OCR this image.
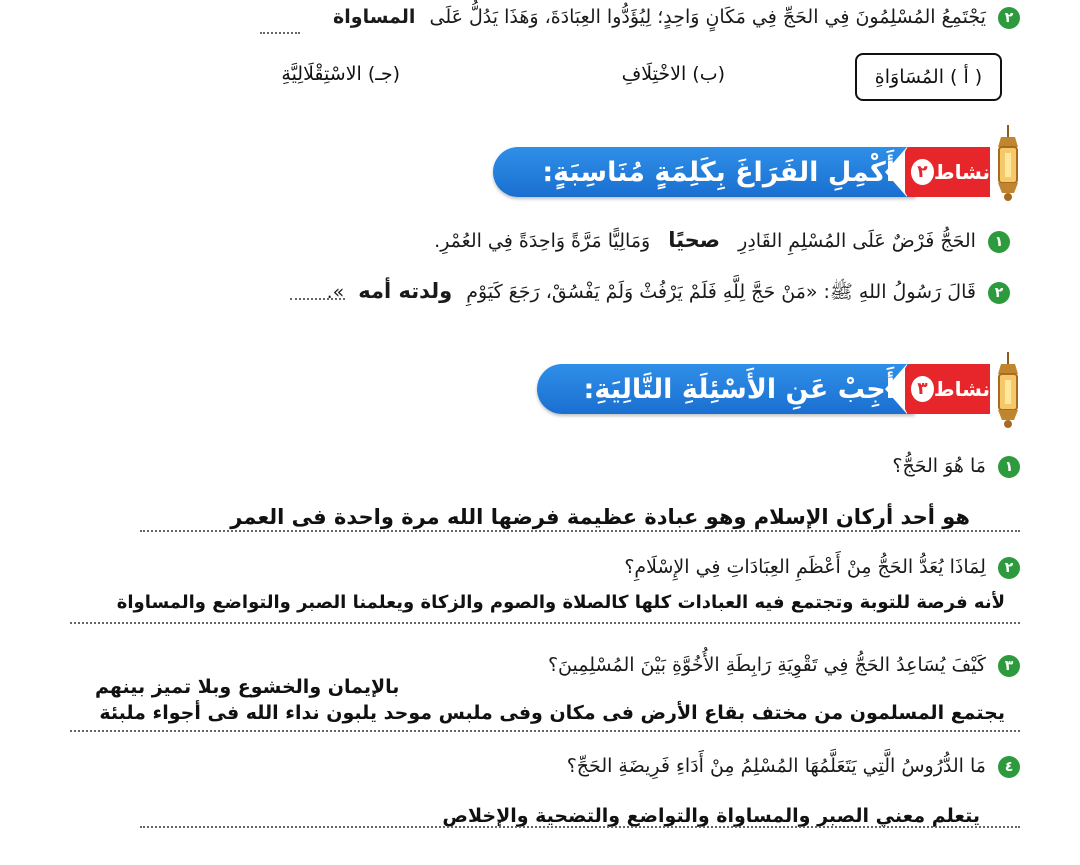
٢ يَجْتَمِعُ المُسْلِمُونَ فِي الحَجِّ فِي مَكَانٍ وَاحِدٍ؛ لِيُؤَدُّوا العِبَادَةَ، وَهَذَا يَدُلُّ عَلَى المساواة
( أ ) المُسَاوَاةِ
(ب) الاخْتِلَافِ
(جـ) الاسْتِقْلَالِيَّةِ
أَكْمِلِ الفَرَاغَ بِكَلِمَةٍ مُنَاسِبَةٍ:	نشاط
٢
١ الحَجُّ فَرْضٌ عَلَى المُسْلِمِ القَادِرِ صحيًا وَمَالِيًّا مَرَّةً وَاحِدَةً فِي العُمْرِ.
٢ قَالَ رَسُولُ اللهِ ﷺ: «مَنْ حَجَّ لِلَّهِ فَلَمْ يَرْفُثْ وَلَمْ يَفْسُقْ، رَجَعَ كَيَوْمِ ولدته أمه ».
أَجِبْ عَنِ الأَسْئِلَةِ التَّالِيَةِ:	نشاط
٣
١ مَا هُوَ الحَجُّ؟
هو أحد أركان الإسلام وهو عبادة عظيمة فرضها الله مرة واحدة فى العمر
٢ لِمَاذَا يُعَدُّ الحَجُّ مِنْ أَعْظَمِ العِبَادَاتِ فِي الإِسْلَامِ؟
لأنه فرصة للتوبة وتجتمع فيه العبادات كلها كالصلاة والصوم والزكاة ويعلمنا الصبر والتواضع والمساواة
٣ كَيْفَ يُسَاعِدُ الحَجُّ فِي تَقْوِيَةِ رَابِطَةِ الأُخُوَّةِ بَيْنَ المُسْلِمِينَ؟
بالإيمان والخشوع وبلا تميز بينهم
يجتمع المسلمون من مختف بقاع الأرض فى مكان وفى ملبس موحد يلبون نداء الله فى أجواء ملبئة
٤ مَا الدُّرُوسُ الَّتِي يَتَعَلَّمُهَا المُسْلِمُ مِنْ أَدَاءِ فَرِيضَةِ الحَجِّ؟
يتعلم معني الصبر والمساواة والتواضع والتضحية والإخلاص
